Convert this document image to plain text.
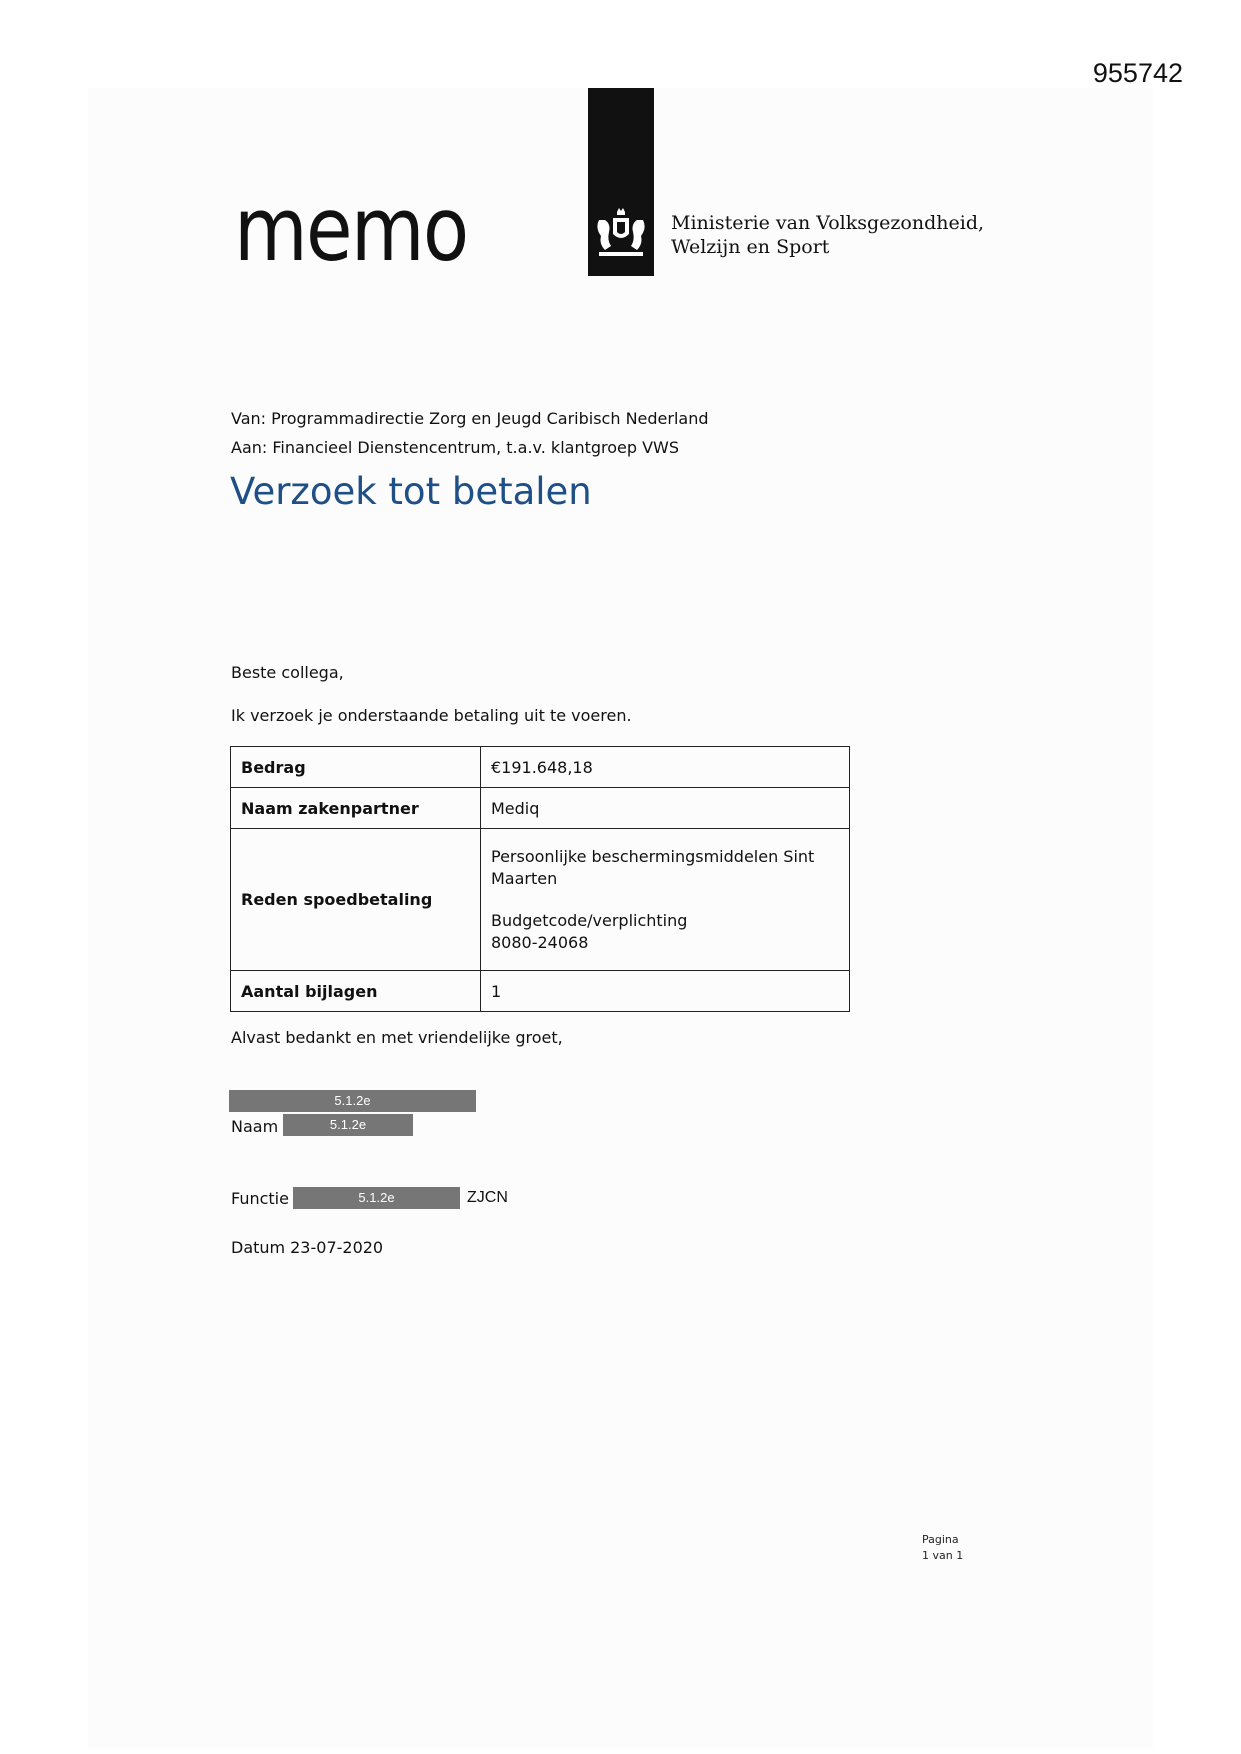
955742
memo	Ministerie van Volksgezondheid,
Welzijn en Sport
Van: Programmadirectie Zorg en Jeugd Caribisch Nederland
Aan: Financieel Dienstencentrum, t.a.v. klantgroep VWS
Verzoek tot betalen
Beste collega,
Ik verzoek je onderstaande betaling uit te voeren.
Bedrag	€191.648,18
Naam zakenpartner	Mediq
Reden spoedbetaling	Persoonlijke beschermingsmiddelen Sint
Maarten
Budgetcode/verplichting
8080-24068

Aantal bijlagen	1
Alvast bedankt en met vriendelijke groet,
5.1.2e
Naam	5.1.2e
Functie	5.1.2e	ZJCN
Datum 23-07-2020
Pagina
1 van 1
